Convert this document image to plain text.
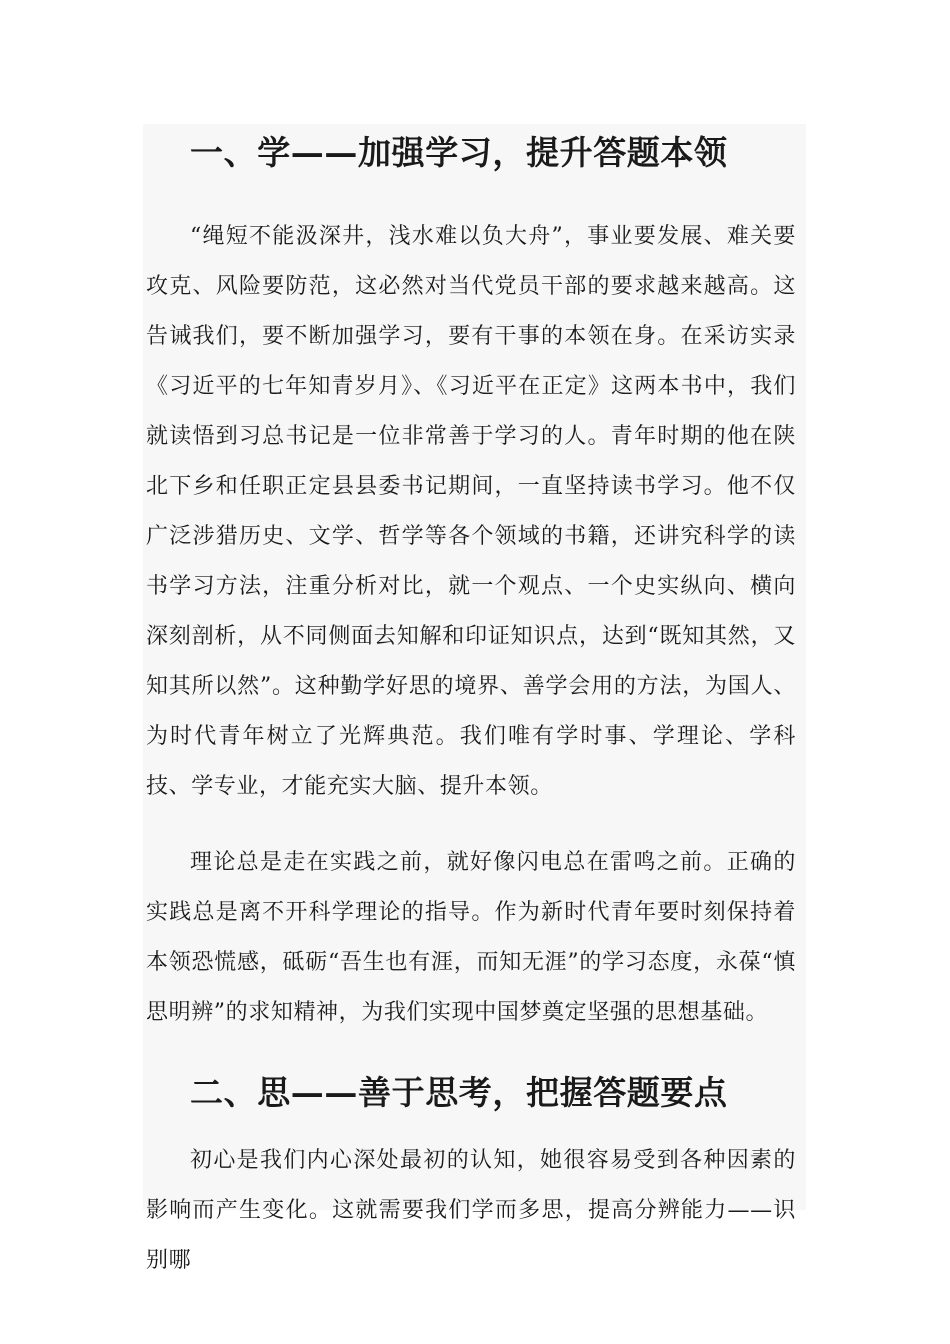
一、学——加强学习，提升答题本领

“绳短不能汲深井，浅水难以负大舟”，事业要发展、难关要攻克、风险要防范，这必然对当代党员干部的要求越来越高。这告诫我们，要不断加强学习，要有干事的本领在身。在采访实录《习近平的七年知青岁月》、《习近平在正定》这两本书中，我们就读悟到习总书记是一位非常善于学习的人。青年时期的他在陕北下乡和任职正定县县委书记期间，一直坚持读书学习。他不仅广泛涉猎历史、文学、哲学等各个领域的书籍，还讲究科学的读书学习方法，注重分析对比，就一个观点、一个史实纵向、横向深刻剖析，从不同侧面去知解和印证知识点，达到“既知其然，又知其所以然”。这种勤学好思的境界、善学会用的方法，为国人、为时代青年树立了光辉典范。我们唯有学时事、学理论、学科技、学专业，才能充实大脑、提升本领。

理论总是走在实践之前，就好像闪电总在雷鸣之前。正确的实践总是离不开科学理论的指导。作为新时代青年要时刻保持着本领恐慌感，砥砺“吾生也有涯，而知无涯”的学习态度，永葆“慎思明辨”的求知精神，为我们实现中国梦奠定坚强的思想基础。

二、思——善于思考，把握答题要点

初心是我们内心深处最初的认知，她很容易受到各种因素的影响而产生变化。这就需要我们学而多思，提高分辨能力——识别哪
